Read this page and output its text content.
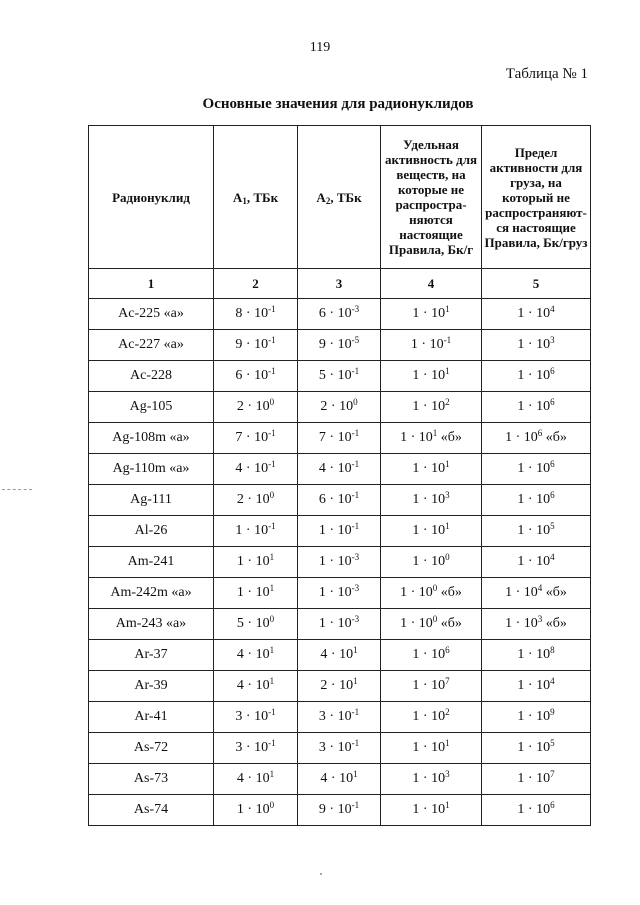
119
Таблица № 1
Основные значения для радионуклидов
Радионуклид	$A_1$, ТБк	$A_2$, ТБк	Удельная активность для веществ, на которые не распростра-няются настоящие Правила, Бк/г	Предел активности для груза, на который не распространяют-ся настоящие Правила, Бк/груз
1	2	3	4	5
Ac-225 «а»	$8 \cdot 10^{-1}$	$6 \cdot 10^{-3}$	$1 \cdot 10^1$	$1 \cdot 10^4$
Ac-227 «а»	$9 \cdot 10^{-1}$	$9 \cdot 10^{-5}$	$1 \cdot 10^{-1}$	$1 \cdot 10^3$
Ac-228	$6 \cdot 10^{-1}$	$5 \cdot 10^{-1}$	$1 \cdot 10^1$	$1 \cdot 10^6$
Ag-105	$2 \cdot 10^0$	$2 \cdot 10^0$	$1 \cdot 10^2$	$1 \cdot 10^6$
Ag-108m «а»	$7 \cdot 10^{-1}$	$7 \cdot 10^{-1}$	$1 \cdot 10^1$ «б»	$1 \cdot 10^6$ «б»
Ag-110m «а»	$4 \cdot 10^{-1}$	$4 \cdot 10^{-1}$	$1 \cdot 10^1$	$1 \cdot 10^6$
Ag-111	$2 \cdot 10^0$	$6 \cdot 10^{-1}$	$1 \cdot 10^3$	$1 \cdot 10^6$
Al-26	$1 \cdot 10^{-1}$	$1 \cdot 10^{-1}$	$1 \cdot 10^1$	$1 \cdot 10^5$
Am-241	$1 \cdot 10^1$	$1 \cdot 10^{-3}$	$1 \cdot 10^0$	$1 \cdot 10^4$
Am-242m «а»	$1 \cdot 10^1$	$1 \cdot 10^{-3}$	$1 \cdot 10^0$ «б»	$1 \cdot 10^4$ «б»
Am-243 «а»	$5 \cdot 10^0$	$1 \cdot 10^{-3}$	$1 \cdot 10^0$ «б»	$1 \cdot 10^3$ «б»
Ar-37	$4 \cdot 10^1$	$4 \cdot 10^1$	$1 \cdot 10^6$	$1 \cdot 10^8$
Ar-39	$4 \cdot 10^1$	$2 \cdot 10^1$	$1 \cdot 10^7$	$1 \cdot 10^4$
Ar-41	$3 \cdot 10^{-1}$	$3 \cdot 10^{-1}$	$1 \cdot 10^2$	$1 \cdot 10^9$
As-72	$3 \cdot 10^{-1}$	$3 \cdot 10^{-1}$	$1 \cdot 10^1$	$1 \cdot 10^5$
As-73	$4 \cdot 10^1$	$4 \cdot 10^1$	$1 \cdot 10^3$	$1 \cdot 10^7$
As-74	$1 \cdot 10^0$	$9 \cdot 10^{-1}$	$1 \cdot 10^1$	$1 \cdot 10^6$
